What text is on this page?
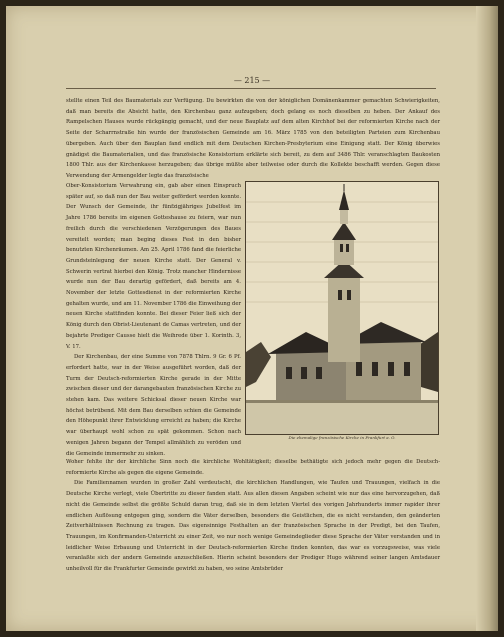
— 215 —

stellte einen Teil des Baumaterials zur Verfügung. Du bewirkten die von der königlichen Domänenkammer gemachten Schwierigkeiten, daß man bereits die Absicht hatte, den Kirchenbau ganz aufzugeben; doch gelang es noch dieselben zu heben. Der Ankauf des Rampelschen Hauses wurde rückgängig gemacht, und der neue Bauplatz auf dem alten Kirchhof bei der reformierten Kirche nach der Seite der Scharrnstraße hin wurde der französischen Gemeinde am 16. März 1785 von den beteiligten Parteien zum Kirchenbau übergeben. Auch über den Bauplan fand endlich mit dem Deutschen Kirchen-Presbyterium eine Einigung statt. Der König überwies gnädigst die Baumaterialien, und das französische Konsistorium erklärte sich bereit, zu dem auf 3486 Thlr. veranschlagten Baukosten 1800 Thlr. aus der Kirchenkasse herzugeben; das übrige müßte aber teilweise oder durch die Kollekte beschafft werden. Gegen diese Verwendung der Armengelder legte das französische

Ober-Konsistorium Verwahrung ein, gab aber einen Einspruch später auf, so daß nun der Bau weiter gefördert werden konnte. Der Wunsch der Gemeinde, ihr fünfzigjähriges Jubelfest im Jahre 1786 bereits im eigenen Gotteshause zu feiern, war nun freilich durch die verschiedenen Verzögerungen des Baues vereitelt worden; man beging dieses Fest in den bisher benutzten Kirchenräumen. Am 25. April 1786 fand die feierliche Grundsteinlegung der neuen Kirche statt. Der General v. Schwerin vertrat hierbei den König. Trotz mancher Hindernisse wurde nun der Bau derartig gefördert, daß bereits am 4. November der letzte Gottesdienst in der reformierten Kirche gehalten wurde, und am 11. November 1786 die Einweihung der neuen Kirche stattfinden konnte. Bei dieser Feier ließ sich der König durch den Obrist-Lieutenant de Camas vertreten, und der bejahrte Prediger Causse hielt die Weihrede über 1. Korinth. 3, V. 17.

Der Kirchenbau, der eine Summe von 7878 Thlrn. 9 Gr. 6 Pf. erfordert hatte, war in der Weise ausgeführt worden, daß der Turm der Deutsch-reformierten Kirche gerade in der Mitte zwischen dieser und der darangebauten französischen Kirche zu stehen kam. Das weitere Schicksal dieser neuen Kirche war höchst betrübend. Mit dem Bau derselben schien die Gemeinde den Höhepunkt ihrer Entwicklung erreicht zu haben; die Kirche war überhaupt wohl schon zu spät gekommen. Schon nach wenigen Jahren begann der Tempel allmählich zu veröden und die Gemeinde immermehr zu sinken.

Die ehemalige französische Kirche in Frankfurt a. O.

Woher fehlte ihr der kirchliche Sinn noch die kirchliche Wohltätigkeit; dieselbe bethätigte sich jedoch mehr gegen die Deutsch-reformierte Kirche als gegen die eigene Gemeinde.

Die Familiennamen wurden in großer Zahl verdeutscht, die kirchlichen Handlungen, wie Taufen und Trauungen, vielfach in die Deutsche Kirche verlegt, viele Übertritte zu dieser fanden statt. Aus allen diesen Angaben scheint wie nur das eine hervorzugehen, daß nicht die Gemeinde selbst die größte Schuld daran trug, daß sie in dem letzten Viertel des vorigen Jahrhunderts immer rapider ihrer endlichen Auflösung entgegen ging, sondern die Väter derselben, besonders die Geistlichen, die es nicht verstanden, den geänderten Zeitverhältnissen Rechnung zu tragen. Das eigensinnige Festhalten an der französischen Sprache in der Predigt, bei den Taufen, Trauungen, im Konfirmanden-Unterricht zu einer Zeit, wo nur noch wenige Gemeindeglieder diese Sprache der Väter verstanden und in leidlicher Weise Erbauung und Unterricht in der Deutsch-reformierten Kirche finden konnten, das war es vorzugsweise, was viele veranlaßte sich der andern Gemeinde anzuschließen. Hierin scheint besonders der Prediger Hugo während seiner langen Amtsdauer unheilvoll für die Frankfurter Gemeinde gewirkt zu haben, wo seine Amtsbrüder
